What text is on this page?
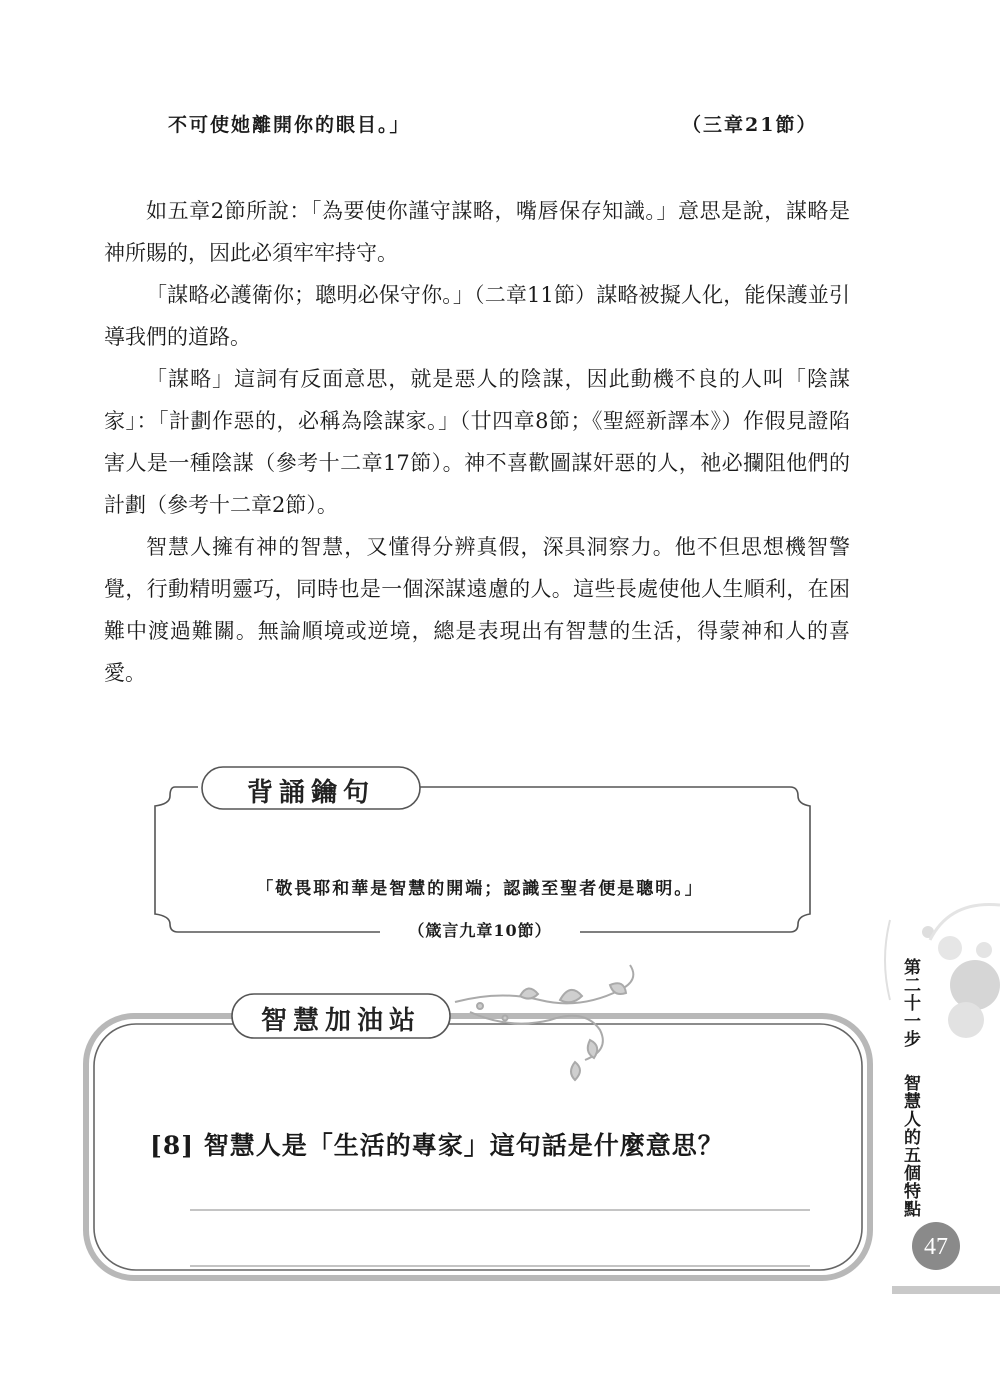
不可使她離開你的眼目。」	（三章21節）

如五章2節所說：「為要使你謹守謀略，嘴唇保存知識。」意思是說，謀略是神所賜的，因此必須牢牢持守。

「謀略必護衛你；聰明必保守你。」（二章11節）謀略被擬人化，能保護並引導我們的道路。

「謀略」這詞有反面意思，就是惡人的陰謀，因此動機不良的人叫「陰謀家」：「計劃作惡的，必稱為陰謀家。」（廿四章8節；《聖經新譯本》）作假見證陷害人是一種陰謀（參考十二章17節）。神不喜歡圖謀奸惡的人，祂必攔阻他們的計劃（參考十二章2節）。

智慧人擁有神的智慧，又懂得分辨真假，深具洞察力。他不但思想機智警覺，行動精明靈巧，同時也是一個深謀遠慮的人。這些長處使他人生順利，在困難中渡過難關。無論順境或逆境，總是表現出有智慧的生活，得蒙神和人的喜愛。

背誦鑰句
「敬畏耶和華是智慧的開端；認識至聖者便是聰明。」
（箴言九章10節）
智慧加油站
[8] 智慧人是「生活的專家」這句話是什麼意思？
第二十一步
智慧人的五個特點
47
